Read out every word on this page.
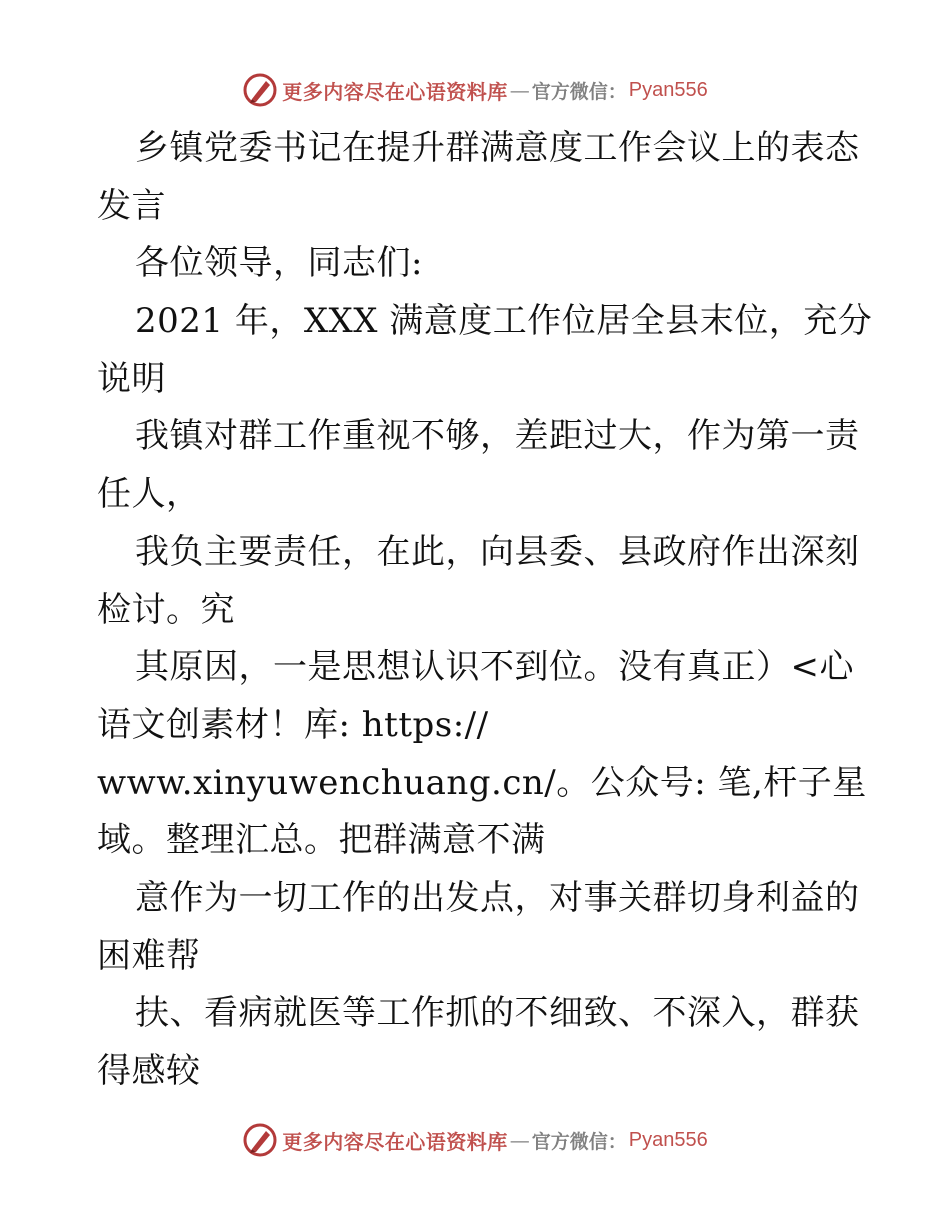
更多内容尽在心语资料库 — 官方微信： Pyan556
乡镇党委书记在提升群满意度工作会议上的表态
发言
各位领导，同志们:
2021 年，XXX 满意度工作位居全县末位，充分
说明
我镇对群工作重视不够，差距过大，作为第一责
任人，
我负主要责任，在此，向县委、县政府作出深刻
检讨。究
其原因，一是思想认识不到位。没有真正）<心
语文创素材！库: https://
www.xinyuwenchuang.cn/。公众号: 笔,杆子星
域。整理汇总。把群满意不满
意作为一切工作的出发点，对事关群切身利益的
困难帮
扶、看病就医等工作抓的不细致、不深入，群获
得感较
更多内容尽在心语资料库 — 官方微信： Pyan556
